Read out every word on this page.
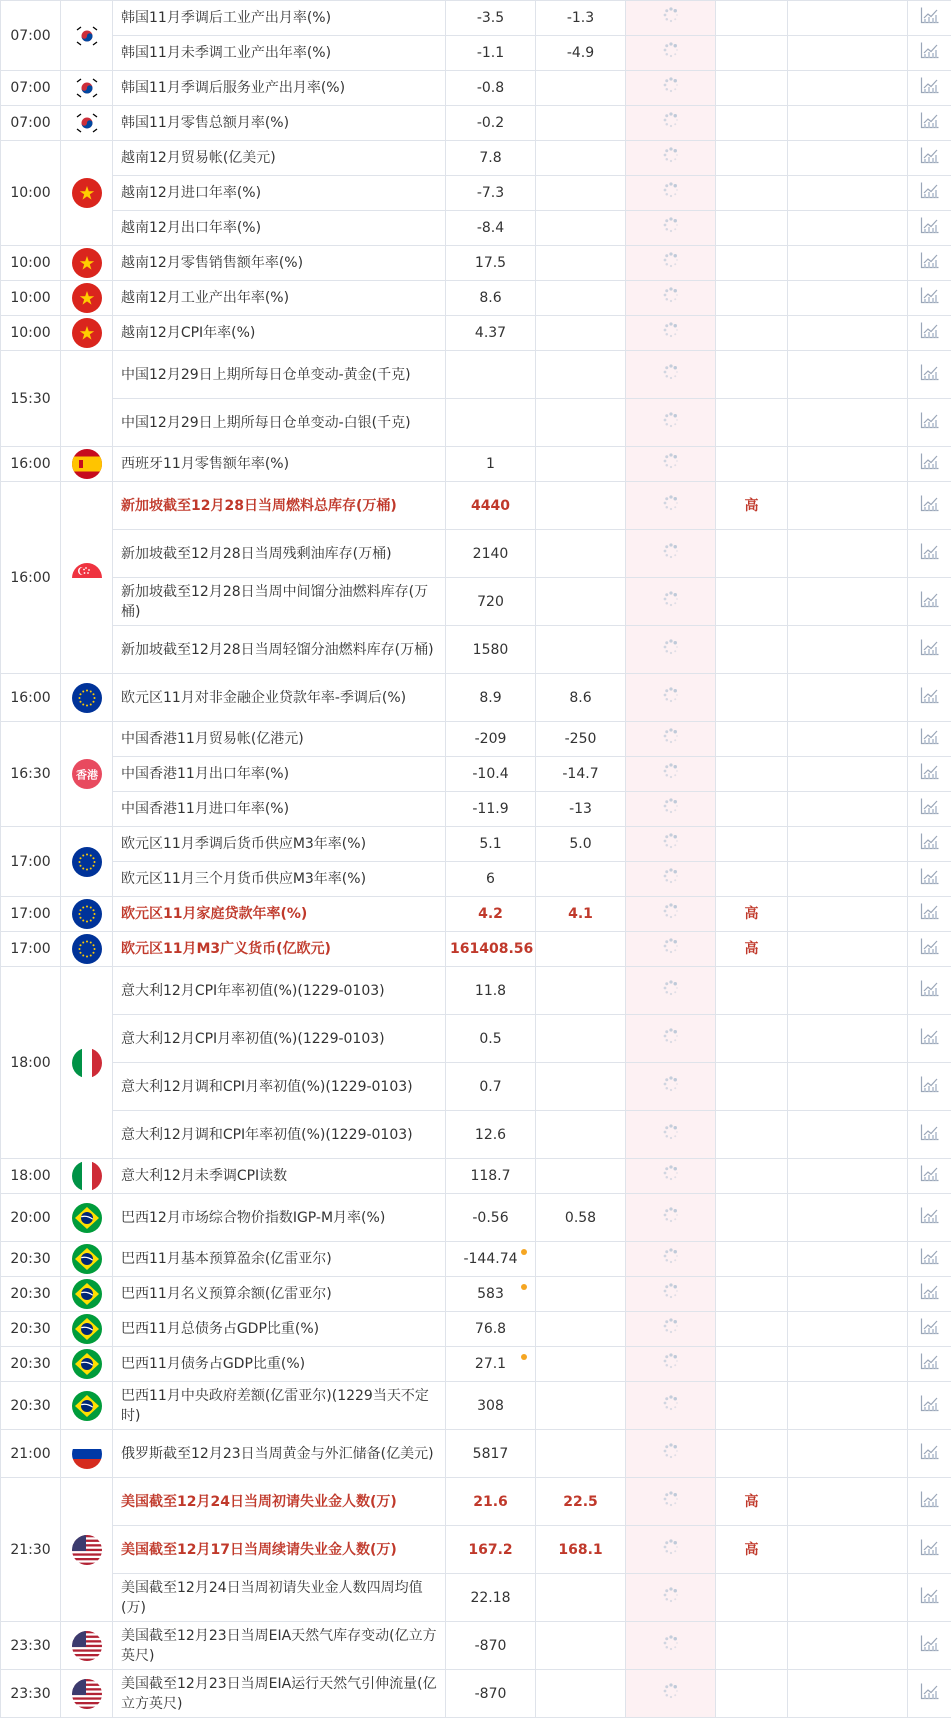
07:00		韩国11月季调后工业产出月率(%)	-3.5	-1.3				
		韩国11月未季调工业产出年率(%)	-1.1	-4.9				
07:00		韩国11月季调后服务业产出月率(%)	-0.8					
07:00		韩国11月零售总额月率(%)	-0.2					
10:00		越南12月贸易帐(亿美元)	7.8					
		越南12月进口年率(%)	-7.3					
		越南12月出口年率(%)	-8.4					
10:00		越南12月零售销售额年率(%)	17.5					
10:00		越南12月工业产出年率(%)	8.6					
10:00		越南12月CPI年率(%)	4.37					
15:30		中国12月29日上期所每日仓单变动-黄金(千克)						
		中国12月29日上期所每日仓单变动-白银(千克)						
16:00		西班牙11月零售额年率(%)	1					
16:00		新加坡截至12月28日当周燃料总库存(万桶)	4440			高		
		新加坡截至12月28日当周残剩油库存(万桶)	2140					
		新加坡截至12月28日当周中间馏分油燃料库存(万桶)	720					
		新加坡截至12月28日当周轻馏分油燃料库存(万桶)	1580					
16:00		欧元区11月对非金融企业贷款年率-季调后(%)	8.9	8.6				
16:30	香港	中国香港11月贸易帐(亿港元)	-209	-250				
		中国香港11月出口年率(%)	-10.4	-14.7				
		中国香港11月进口年率(%)	-11.9	-13				
17:00		欧元区11月季调后货币供应M3年率(%)	5.1	5.0				
		欧元区11月三个月货币供应M3年率(%)	6					
17:00		欧元区11月家庭贷款年率(%)	4.2	4.1		高		
17:00		欧元区11月M3广义货币(亿欧元)	161408.56			高		
18:00		意大利12月CPI年率初值(%)(1229-0103)	11.8					
		意大利12月CPI月率初值(%)(1229-0103)	0.5					
		意大利12月调和CPI月率初值(%)(1229-0103)	0.7					
		意大利12月调和CPI年率初值(%)(1229-0103)	12.6					
18:00		意大利12月未季调CPI读数	118.7					
20:00		巴西12月市场综合物价指数IGP-M月率(%)	-0.56	0.58				
20:30		巴西11月基本预算盈余(亿雷亚尔)	-144.74

20:30		巴西11月名义预算余额(亿雷亚尔)	583

20:30		巴西11月总债务占GDP比重(%)	76.8					
20:30		巴西11月债务占GDP比重(%)	27.1

20:30		巴西11月中央政府差额(亿雷亚尔)(1229当天不定时)	308					
21:00		俄罗斯截至12月23日当周黄金与外汇储备(亿美元)	5817					
21:30		美国截至12月24日当周初请失业金人数(万)	21.6	22.5		高		
		美国截至12月17日当周续请失业金人数(万)	167.2	168.1		高		
		美国截至12月24日当周初请失业金人数四周均值(万)	22.18					
23:30		美国截至12月23日当周EIA天然气库存变动(亿立方英尺)	-870					
23:30		美国截至12月23日当周EIA运行天然气引伸流量(亿立方英尺)	-870					
